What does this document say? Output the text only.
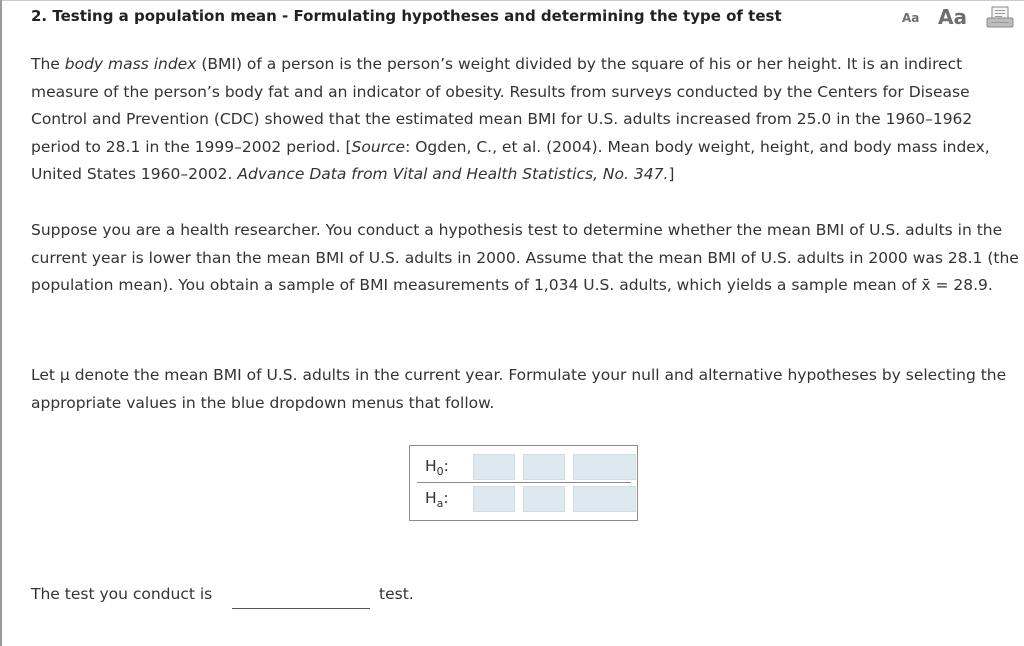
2. Testing a population mean - Formulating hypotheses and determining the type of test	Aa Aa

The body mass index (BMI) of a person is the person’s weight divided by the square of his or her height. It is an indirect measure of the person’s body fat and an indicator of obesity. Results from surveys conducted by the Centers for Disease Control and Prevention (CDC) showed that the estimated mean BMI for U.S. adults increased from 25.0 in the 1960–1962 period to 28.1 in the 1999–2002 period. [Source: Ogden, C., et al. (2004). Mean body weight, height, and body mass index, United States 1960–2002. Advance Data from Vital and Health Statistics, No. 347.]

Suppose you are a health researcher. You conduct a hypothesis test to determine whether the mean BMI of U.S. adults in the current year is lower than the mean BMI of U.S. adults in 2000. Assume that the mean BMI of U.S. adults in 2000 was 28.1 (the population mean). You obtain a sample of BMI measurements of 1,034 U.S. adults, which yields a sample mean of x̄ = 28.9.

Let μ denote the mean BMI of U.S. adults in the current year. Formulate your null and alternative hypotheses by selecting the appropriate values in the blue dropdown menus that follow.

$H_0$:
$H_a$:
The test you conduct is	test.
